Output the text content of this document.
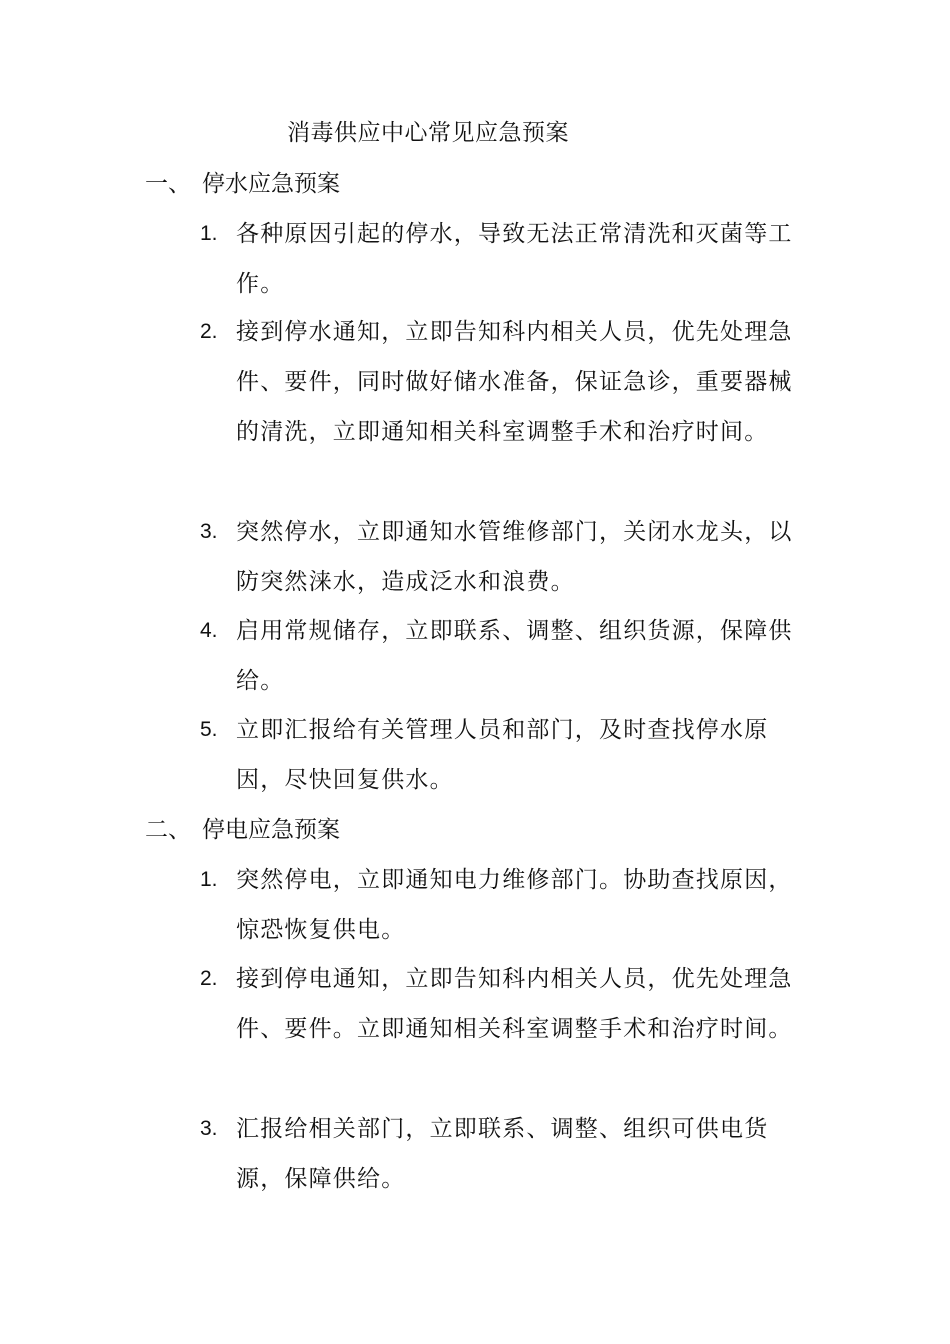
消毒供应中心常见应急预案
一、 停水应急预案
1. 各种原因引起的停水，导致无法正常清洗和灭菌等工作。
2. 接到停水通知，立即告知科内相关人员，优先处理急件、要件，同时做好储水准备，保证急诊，重要器械的清洗，立即通知相关科室调整手术和治疗时间。
3. 突然停水，立即通知水管维修部门，关闭水龙头，以防突然涞水，造成泛水和浪费。
4. 启用常规储存，立即联系、调整、组织货源，保障供给。
5. 立即汇报给有关管理人员和部门，及时查找停水原因，尽快回复供水。
二、 停电应急预案
1. 突然停电，立即通知电力维修部门。协助查找原因，惊恐恢复供电。
2. 接到停电通知，立即告知科内相关人员，优先处理急件、要件。立即通知相关科室调整手术和治疗时间。
3. 汇报给相关部门，立即联系、调整、组织可供电货源，保障供给。
